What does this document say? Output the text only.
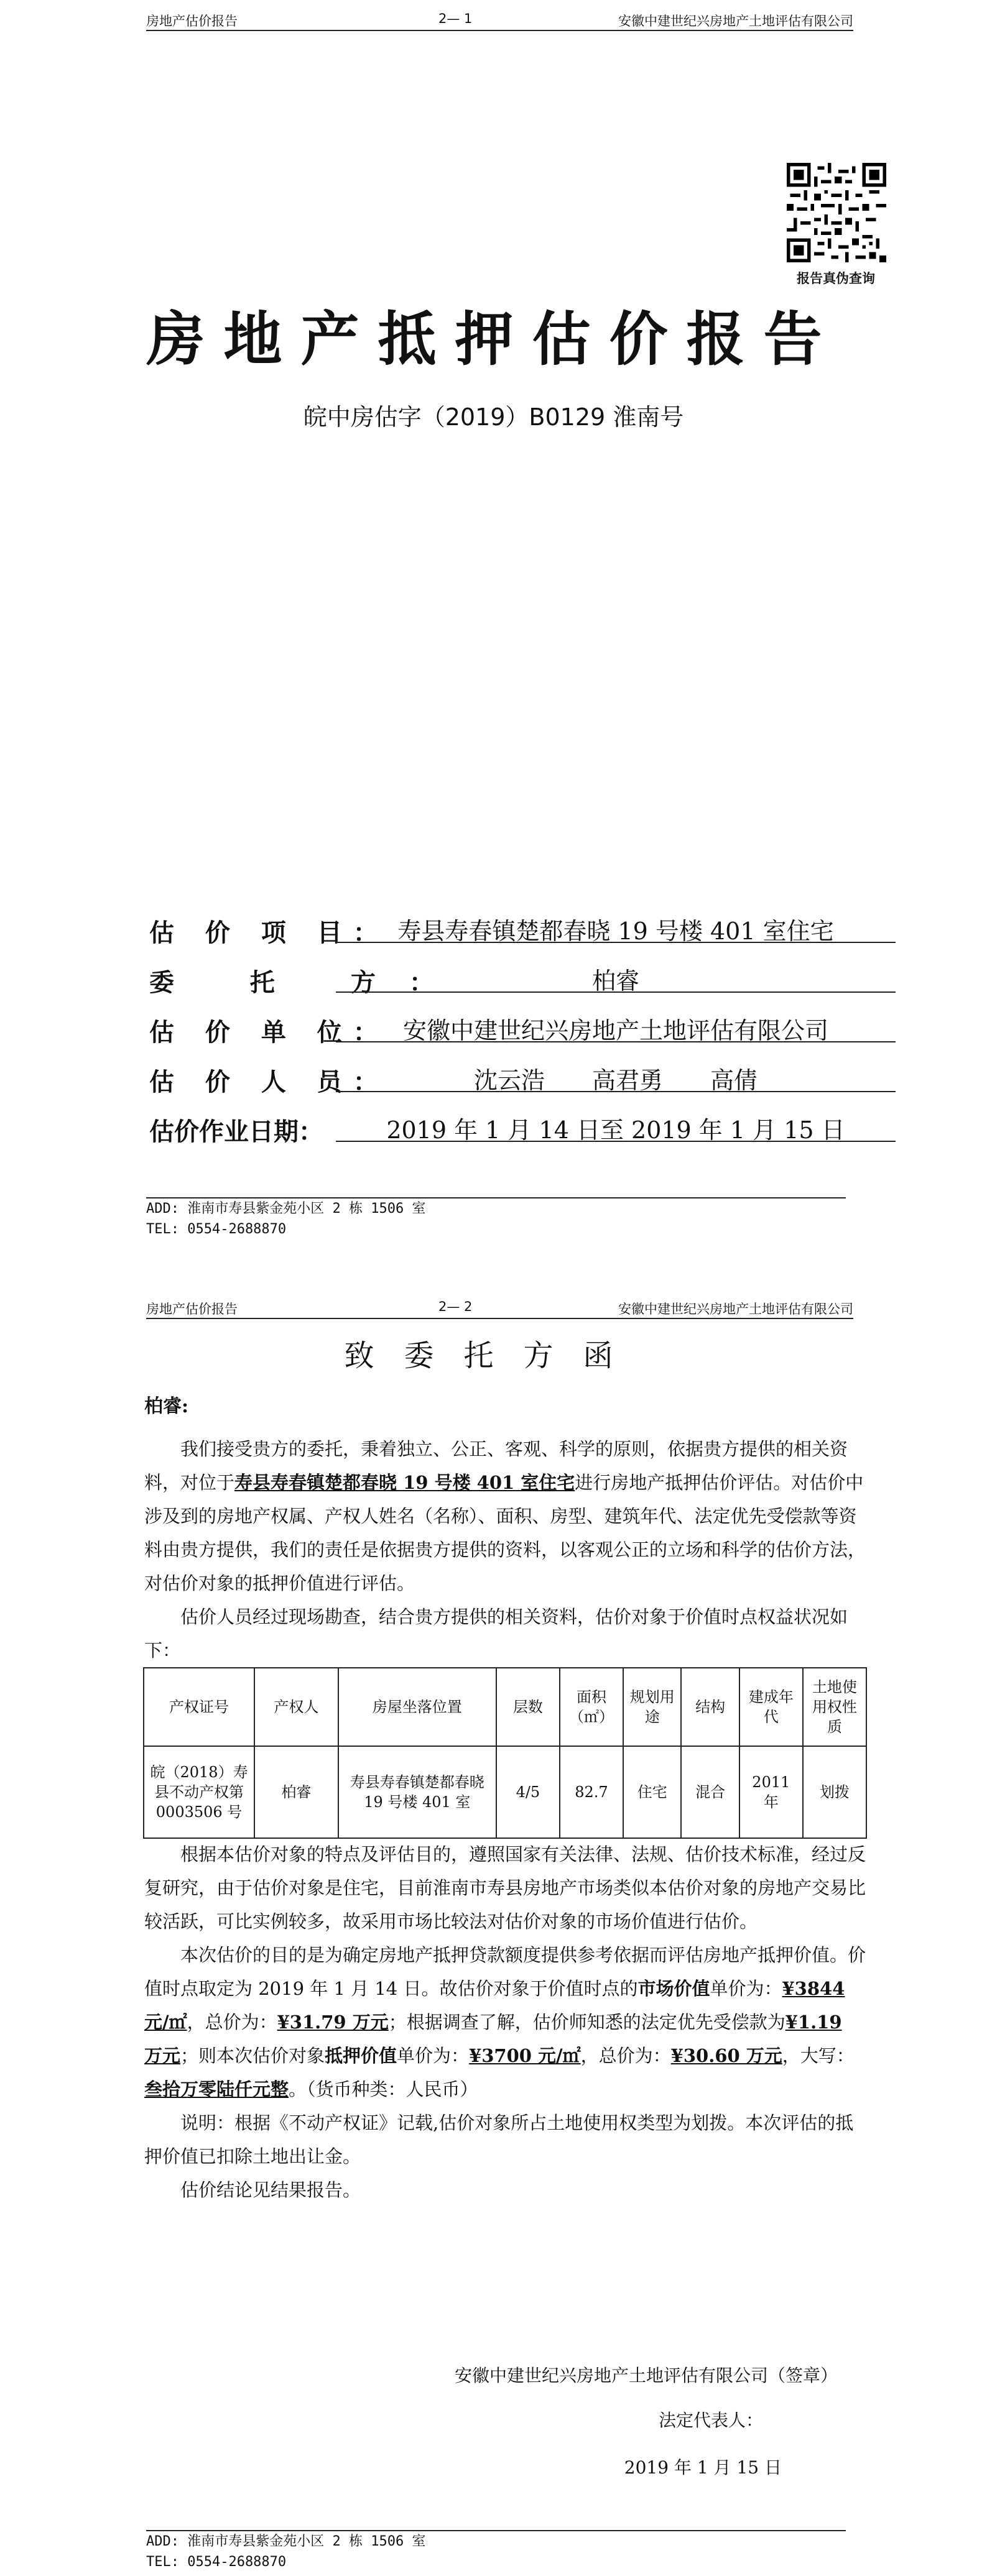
房地产估价报告	2— 1	安徽中建世纪兴房地产土地评估有限公司
报告真伪查询
房地产抵押估价报告
皖中房估字（2019）B0129 淮南号
估 价 项 目： 寿县寿春镇楚都春晓 19 号楼 401 室住宅
委 托 方：	柏睿
估 价 单 位： 安徽中建世纪兴房地产土地评估有限公司
估 价 人 员：	沈云浩　　高君勇　　高倩
估价作业日期：	2019 年 1 月 14 日至 2019 年 1 月 15 日
ADD: 淮南市寿县紫金苑小区 2 栋 1506 室
TEL: 0554-2688870
房地产估价报告	2— 2	安徽中建世纪兴房地产土地评估有限公司
致委托方函
柏睿:

我们接受贵方的委托，秉着独立、公正、客观、科学的原则，依据贵方提供的相关资料，对位于寿县寿春镇楚都春晓 19 号楼 401 室住宅进行房地产抵押估价评估。对估价中涉及到的房地产权属、产权人姓名（名称）、面积、房型、建筑年代、法定优先受偿款等资料由贵方提供，我们的责任是依据贵方提供的资料，以客观公正的立场和科学的估价方法，对估价对象的抵押价值进行评估。

估价人员经过现场勘查，结合贵方提供的相关资料，估价对象于价值时点权益状况如下：

产权证号	产权人	房屋坐落位置	层数	面积（㎡）	规划用途	结构	建成年代	土地使用权性质
皖（2018）寿县不动产权第 0003506 号	柏睿	寿县寿春镇楚都春晓 19 号楼 401 室	4/5	82.7	住宅	混合	2011 年	划拨

根据本估价对象的特点及评估目的，遵照国家有关法律、法规、估价技术标准，经过反复研究，由于估价对象是住宅，目前淮南市寿县房地产市场类似本估价对象的房地产交易比较活跃，可比实例较多，故采用市场比较法对估价对象的市场价值进行估价。

本次估价的目的是为确定房地产抵押贷款额度提供参考依据而评估房地产抵押价值。价值时点取定为 2019 年 1 月 14 日。故估价对象于价值时点的市场价值单价为：¥3844 元/㎡，总价为：¥31.79 万元；根据调查了解，估价师知悉的法定优先受偿款为¥1.19 万元；则本次估价对象抵押价值单价为：¥3700 元/㎡，总价为：¥30.60 万元，大写：叁拾万零陆仟元整。（货币种类：人民币）

说明：根据《不动产权证》记载,估价对象所占土地使用权类型为划拨。本次评估的抵押价值已扣除土地出让金。

估价结论见结果报告。

安徽中建世纪兴房地产土地评估有限公司（签章）
法定代表人：
2019 年 1 月 15 日
ADD: 淮南市寿县紫金苑小区 2 栋 1506 室
TEL: 0554-2688870
